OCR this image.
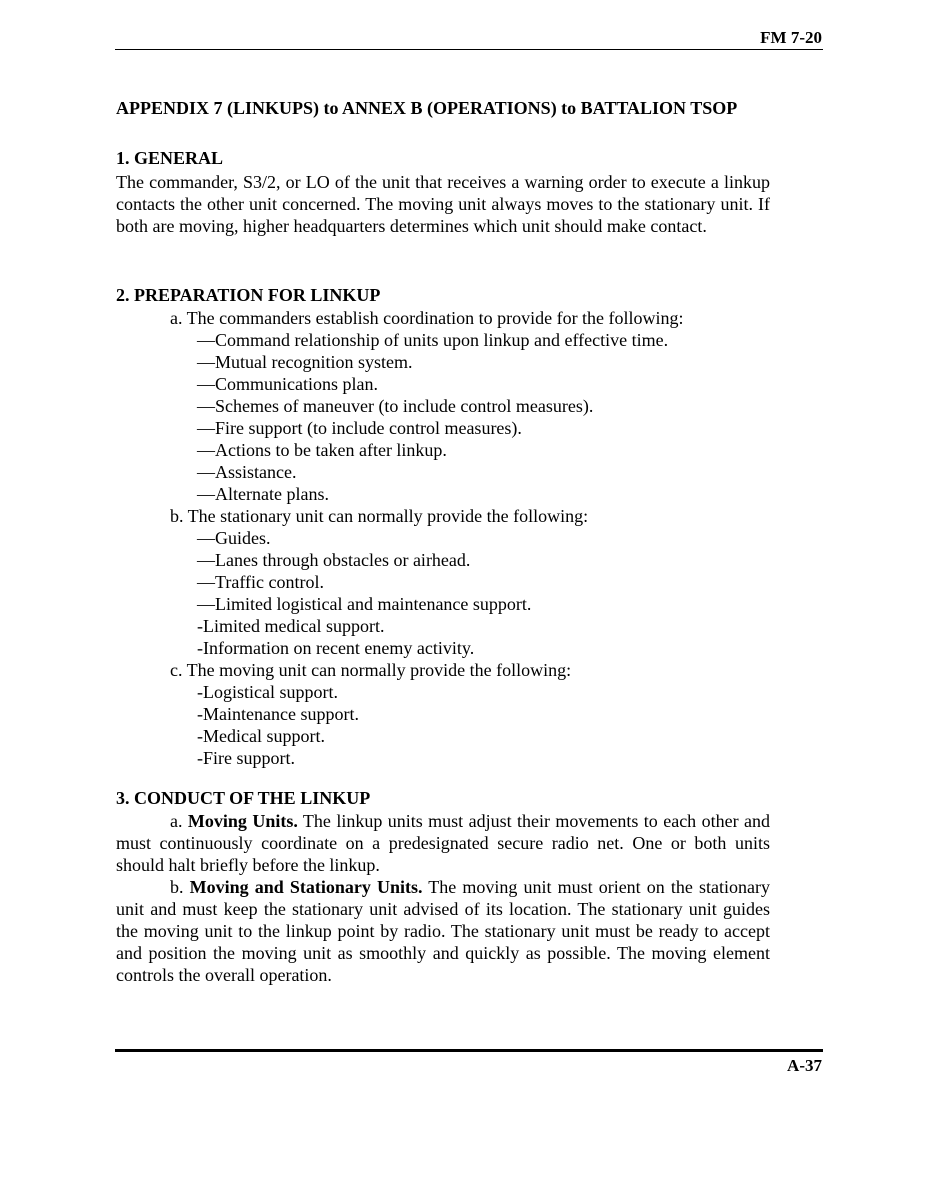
FM 7-20
APPENDIX 7 (LINKUPS) to ANNEX B (OPERATIONS) to BATTALION TSOP
1. GENERAL

The commander, S3/2, or LO of the unit that receives a warning order to execute a linkup contacts the other unit concerned. The moving unit always moves to the stationary unit. If both are moving, higher headquarters determines which unit should make contact.

2. PREPARATION FOR LINKUP
a. The commanders establish coordination to provide for the following:
—Command relationship of units upon linkup and effective time.
—Mutual recognition system.
—Communications plan.
—Schemes of maneuver (to include control measures).
—Fire support (to include control measures).
—Actions to be taken after linkup.
—Assistance.
—Alternate plans.
b. The stationary unit can normally provide the following:
—Guides.
—Lanes through obstacles or airhead.
—Traffic control.
—Limited logistical and maintenance support.
-Limited medical support.
-Information on recent enemy activity.
c. The moving unit can normally provide the following:
-Logistical support.
-Maintenance support.
-Medical support.
-Fire support.
3. CONDUCT OF THE LINKUP

a. Moving Units. The linkup units must adjust their movements to each other and must continuously coordinate on a predesignated secure radio net. One or both units should halt briefly before the linkup.

b. Moving and Stationary Units. The moving unit must orient on the stationary unit and must keep the stationary unit advised of its location. The stationary unit guides the moving unit to the linkup point by radio. The stationary unit must be ready to accept and position the moving unit as smoothly and quickly as possible. The moving element controls the overall operation.

A-37
